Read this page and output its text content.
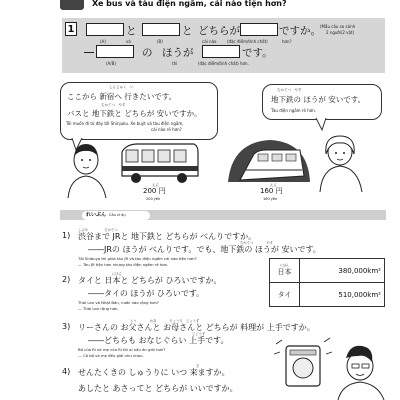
Xe bus và tàu điện ngầm, cái nào tiện hơn?
1	と	と どちらが	ですか。
(A)	và	(B)	cái nào	(đặc điểm/tính chất)	hơn?
(Mẫu câu so sánh
2 người/2 vật)
の ほうが	です。
(A/B)	thì	(đặc điểm/tính chất) hơn.
しんじゅく　い
ここから 新宿へ 行きたいです。
ちかてつ　やす
バスと 地下鉄と どちらが 安いですか。
Tôi muốn đi từ đây tới Shinjuku. Xe buýt và tàu điện ngầm,
cái nào rẻ hơn?
ちかてつ　やす
地下鉄の ほうが 安いです。
Tàu điện ngầm rẻ hơn.
えん
200 円
200 yên
えん
160 円
160 yên
れいぶん Câu ví dụ
しぶや　　　　　ちかてつ
1) 渋谷まで JRと 地下鉄と どちらが べんりですか。
ちかてつ　　　　やす
――JRの ほうが べんりです。でも、地下鉄の ほうが 安いです。
Tới Shibuya thì giữa tàu JR và tàu điện ngầm cái nào tiện hơn?
— Tàu JR tiện hơn nhưng tàu điện ngầm rẻ hơn.	にほん
日本	380,000km²
タイ	510,000km²
にほん
2) タイと 日本と どちらが ひろいですか。
――タイの ほうが ひろいです。
Thái Lan và Nhật Bản, nước nào rộng hơn?
— Thái Lan rộng hơn.
とう　　　　かあ　　　　りょうり　じょうず
3) リーさんの お父さんと お母さんと どちらが 料理が 上手ですか。
じょうず
――どちらも おなじぐらい 上手です。
Bố của Ri và mẹ của Ri thì ai nấu ăn giỏi hơn?
— Cả bố và mẹ đều giỏi như nhau.
き
4) せんたくきの しゅうりに いつ 来ますか。
あしたと あさってと どちらが いいですか。
